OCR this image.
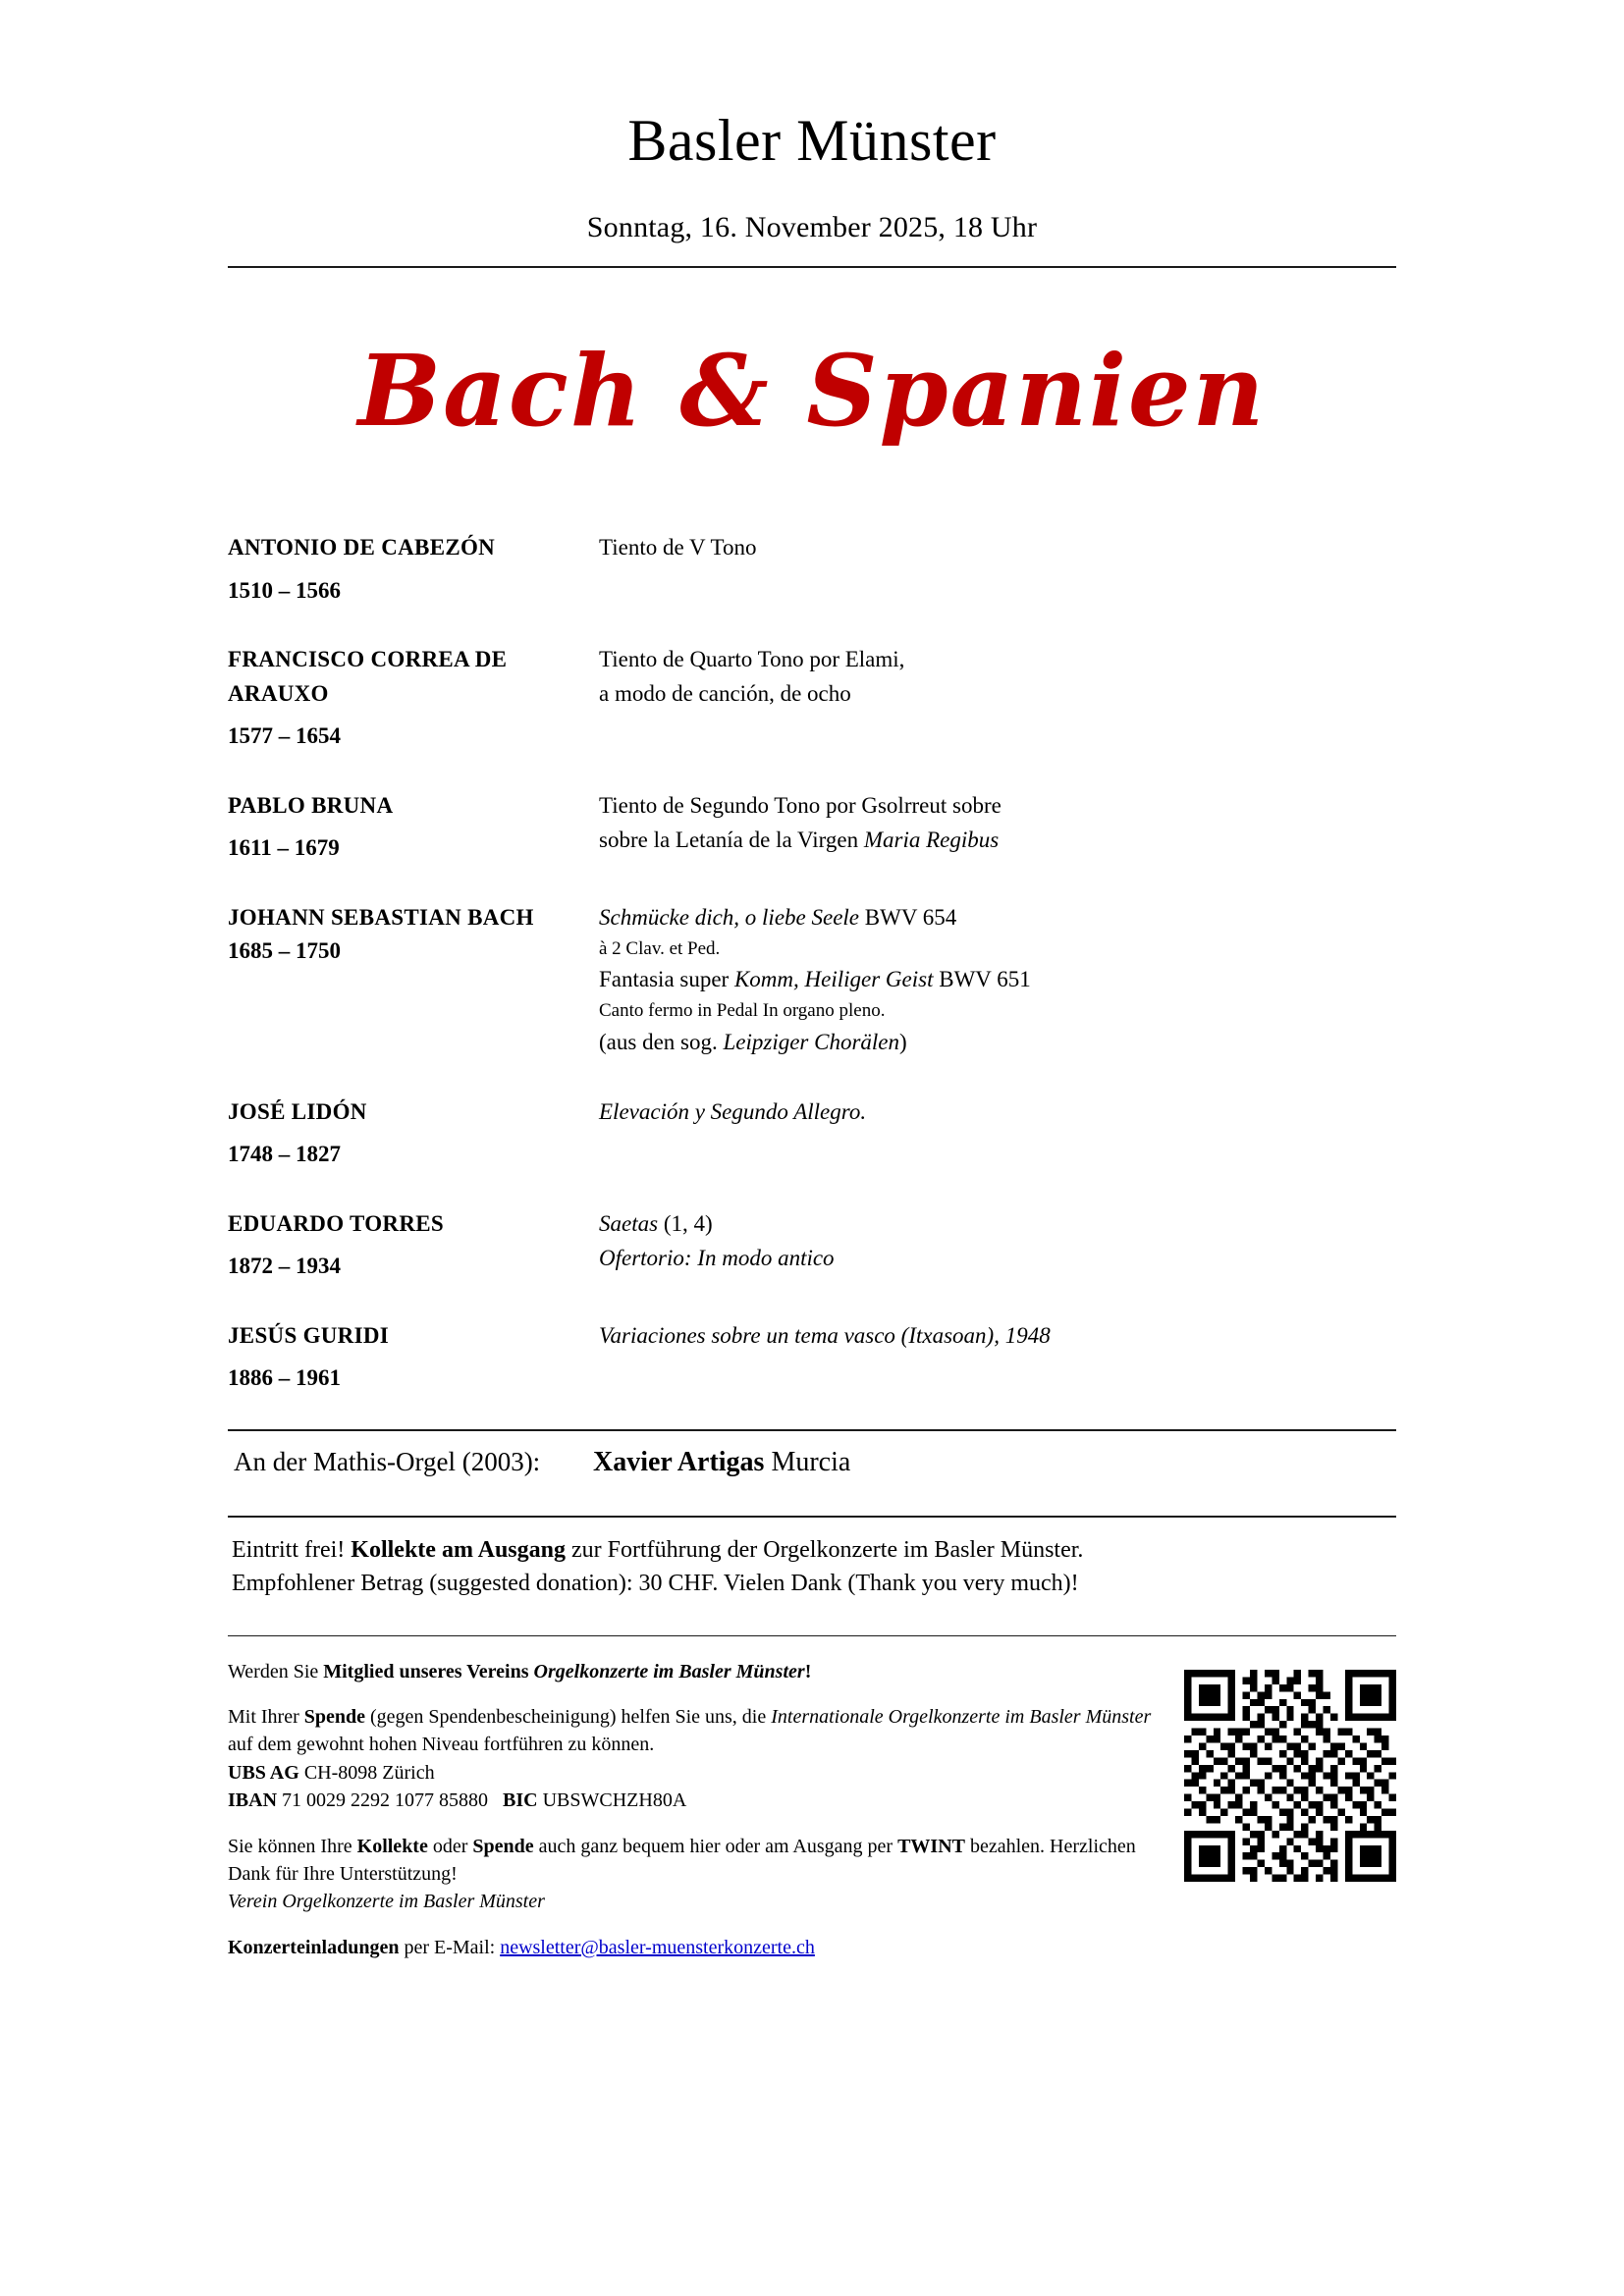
Basler Münster
Sonntag, 16. November 2025, 18 Uhr
Bach & Spanien
ANTONIO DE CABEZÓN
1510 – 1566
Tiento de V Tono
FRANCISCO CORREA DE ARAUXO
1577 – 1654
Tiento de Quarto Tono por Elami,
a modo de canción, de ocho
PABLO BRUNA
1611 – 1679
Tiento de Segundo Tono por Gsolrreut sobre
sobre la Letanía de la Virgen Maria Regibus
JOHANN SEBASTIAN BACH
1685 – 1750
Schmücke dich, o liebe Seele BWV 654
à 2 Clav. et Ped.
Fantasia super Komm, Heiliger Geist BWV 651
Canto fermo in Pedal In organo pleno.
(aus den sog. Leipziger Chorälen)
JOSÉ LIDÓN
1748 – 1827
Elevación y Segundo Allegro.
EDUARDO TORRES
1872 – 1934
Saetas (1, 4)
Ofertorio: In modo antico
JESÚS GURIDI
1886 – 1961
Variaciones sobre un tema vasco (Itxasoan), 1948
An der Mathis-Orgel (2003):	Xavier Artigas Murcia
Eintritt frei! Kollekte am Ausgang zur Fortführung der Orgelkonzerte im Basler Münster.
Empfohlener Betrag (suggested donation): 30 CHF. Vielen Dank (Thank you very much)!

Werden Sie Mitglied unseres Vereins Orgelkonzerte im Basler Münster!

Mit Ihrer Spende (gegen Spendenbescheinigung) helfen Sie uns, die Internationale Orgelkonzerte im Basler Münster auf dem gewohnt hohen Niveau fortführen zu können.

UBS AG CH-8098 Zürich

IBAN 71 0029 2292 1077 85880 BIC UBSWCHZH80A

Sie können Ihre Kollekte oder Spende auch ganz bequem hier oder am Ausgang per TWINT bezahlen. Herzlichen Dank für Ihre Unterstützung!

Verein Orgelkonzerte im Basler Münster

Konzerteinladungen per E-Mail: newsletter@basler-muensterkonzerte.ch
